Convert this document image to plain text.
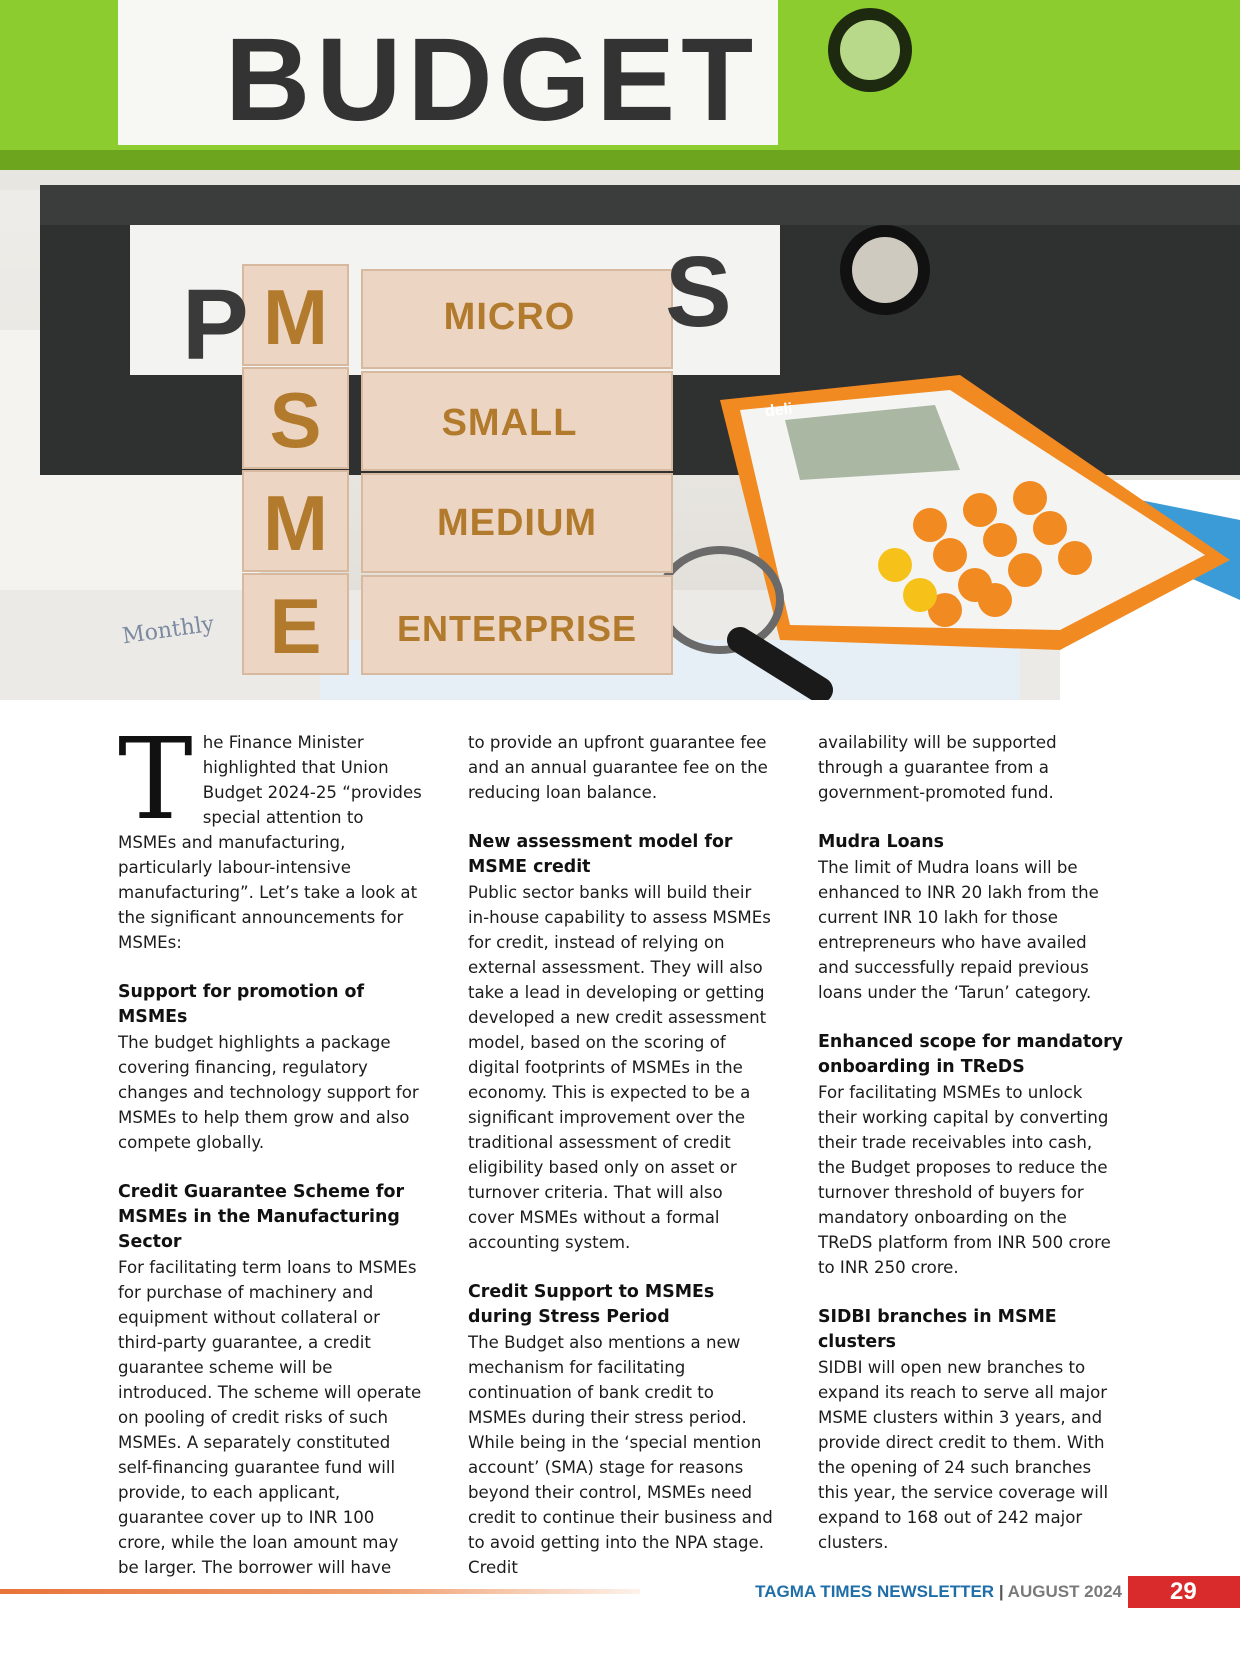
BUDGET
P	S
Monthly
deli
M
S
M
E
MICRO
SMALL
MEDIUM
ENTERPRISE

The Finance Minister highlighted that Union Budget 2024-25 “provides special attention to MSMEs and manufacturing, particularly labour-intensive manufacturing”. Let’s take a look at the significant announcements for MSMEs:

Support for promotion of MSMEs

The budget highlights a package covering financing, regulatory changes and technology support for MSMEs to help them grow and also compete globally.

Credit Guarantee Scheme for MSMEs in the Manufacturing Sector

For facilitating term loans to MSMEs for purchase of machinery and equipment without collateral or third-party guarantee, a credit guarantee scheme will be introduced. The scheme will operate on pooling of credit risks of such MSMEs. A separately constituted self-financing guarantee fund will provide, to each applicant, guarantee cover up to INR 100 crore, while the loan amount may be larger. The borrower will have

to provide an upfront guarantee fee and an annual guarantee fee on the reducing loan balance.

New assessment model for MSME credit

Public sector banks will build their in-house capability to assess MSMEs for credit, instead of relying on external assessment. They will also take a lead in developing or getting developed a new credit assessment model, based on the scoring of digital footprints of MSMEs in the economy. This is expected to be a significant improvement over the traditional assessment of credit eligibility based only on asset or turnover criteria. That will also cover MSMEs without a formal accounting system.

Credit Support to MSMEs during Stress Period

The Budget also mentions a new mechanism for facilitating continuation of bank credit to MSMEs during their stress period. While being in the ‘special mention account’ (SMA) stage for reasons beyond their control, MSMEs need credit to continue their business and to avoid getting into the NPA stage. Credit

availability will be supported through a guarantee from a government-promoted fund.

Mudra Loans

The limit of Mudra loans will be enhanced to INR 20 lakh from the current INR 10 lakh for those entrepreneurs who have availed and successfully repaid previous loans under the ‘Tarun’ category.

Enhanced scope for mandatory onboarding in TReDS

For facilitating MSMEs to unlock their working capital by converting their trade receivables into cash, the Budget proposes to reduce the turnover threshold of buyers for mandatory onboarding on the TReDS platform from INR 500 crore to INR 250 crore.

SIDBI branches in MSME clusters

SIDBI will open new branches to expand its reach to serve all major MSME clusters within 3 years, and provide direct credit to them. With the opening of 24 such branches this year, the service coverage will expand to 168 out of 242 major clusters.

TAGMA TIMES NEWSLETTER | AUGUST 2024	29
